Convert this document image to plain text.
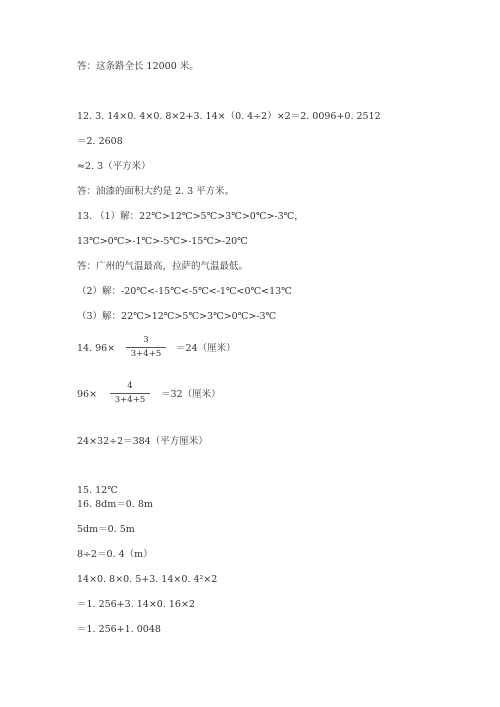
答：这条路全长 12000 米。
12. 3. 14×0. 4×0. 8×2+3. 14×（0. 4÷2）×2＝2. 0096+0. 2512
＝2. 2608
≈2. 3（平方米）
答：油漆的面积大约是 2. 3 平方米。
13. （1）解：22℃>12℃>5℃>3℃>0℃>-3℃，
13℃>0℃>-1℃>-5℃>-15℃>-20℃
答：广州的气温最高，拉萨的气温最低。
（2）解：-20℃<-15℃<-5℃<-1℃<0℃<13℃
（3）解：22℃>12℃>5℃>3℃>0℃>-3℃
14. 96×
3
3+4+5	＝24（厘米）
96×
4
3+4+5	＝32（厘米）
24×32÷2＝384（平方厘米）
15. 12℃
16. 8dm＝0. 8m
5dm＝0. 5m
8÷2＝0. 4（m）
14×0. 8×0. 5+3. 14×0. 4²×2
＝1. 256+3. 14×0. 16×2
＝1. 256+1. 0048
